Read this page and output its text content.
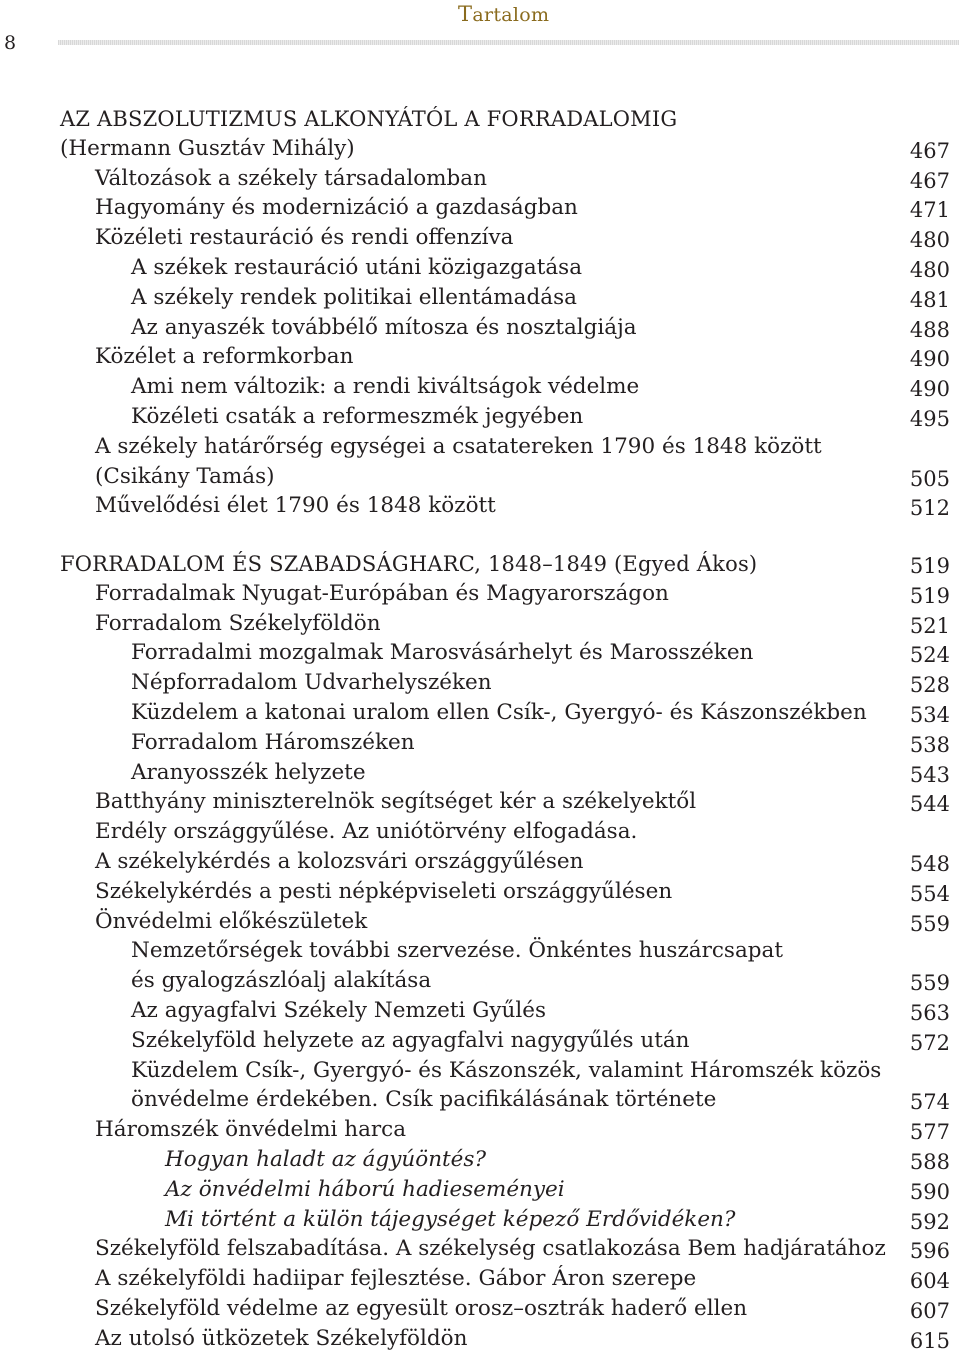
8
Tartalom
AZ ABSZOLUTIZMUS ALKONYÁTÓL A FORRADALOMIG
(Hermann Gusztáv Mihály)	467
Változások a székely társadalomban	467
Hagyomány és modernizáció a gazdaságban	471
Közéleti restauráció és rendi offenzíva	480
A székek restauráció utáni közigazgatása	480
A székely rendek politikai ellentámadása	481
Az anyaszék továbbélő mítosza és nosztalgiája	488
Közélet a reformkorban	490
Ami nem változik: a rendi kiváltságok védelme	490
Közéleti csaták a reformeszmék jegyében	495
A székely határőrség egységei a csatatereken 1790 és 1848 között
(Csikány Tamás)	505
Művelődési élet 1790 és 1848 között	512
FORRADALOM ÉS SZABADSÁGHARC, 1848–1849 (Egyed Ákos)	519
Forradalmak Nyugat-Európában és Magyarországon	519
Forradalom Székelyföldön	521
Forradalmi mozgalmak Marosvásárhelyt és Marosszéken	524
Népforradalom Udvarhelyszéken	528
Küzdelem a katonai uralom ellen Csík-, Gyergyó- és Kászonszékben 534
Forradalom Háromszéken	538
Aranyosszék helyzete	543
Batthyány miniszterelnök segítséget kér a székelyektől	544
Erdély országgyűlése. Az uniótörvény elfogadása.
A székelykérdés a kolozsvári országgyűlésen	548
Székelykérdés a pesti népképviseleti országgyűlésen	554
Önvédelmi előkészületek	559
Nemzetőrségek további szervezése. Önkéntes huszárcsapat
és gyalogzászlóalj alakítása	559
Az agyagfalvi Székely Nemzeti Gyűlés	563
Székelyföld helyzete az agyagfalvi nagygyűlés után	572
Küzdelem Csík-, Gyergyó- és Kászonszék, valamint Háromszék közös
önvédelme érdekében. Csík pacifikálásának története	574
Háromszék önvédelmi harca	577
Hogyan haladt az ágyúöntés?	588
Az önvédelmi háború hadieseményei	590
Mi történt a külön tájegységet képező Erdővidéken?	592
Székelyföld felszabadítása. A székelység csatlakozása Bem hadjáratához 596
A székelyföldi hadiipar fejlesztése. Gábor Áron szerepe	604
Székelyföld védelme az egyesült orosz–osztrák haderő ellen	607
Az utolsó ütközetek Székelyföldön	615
